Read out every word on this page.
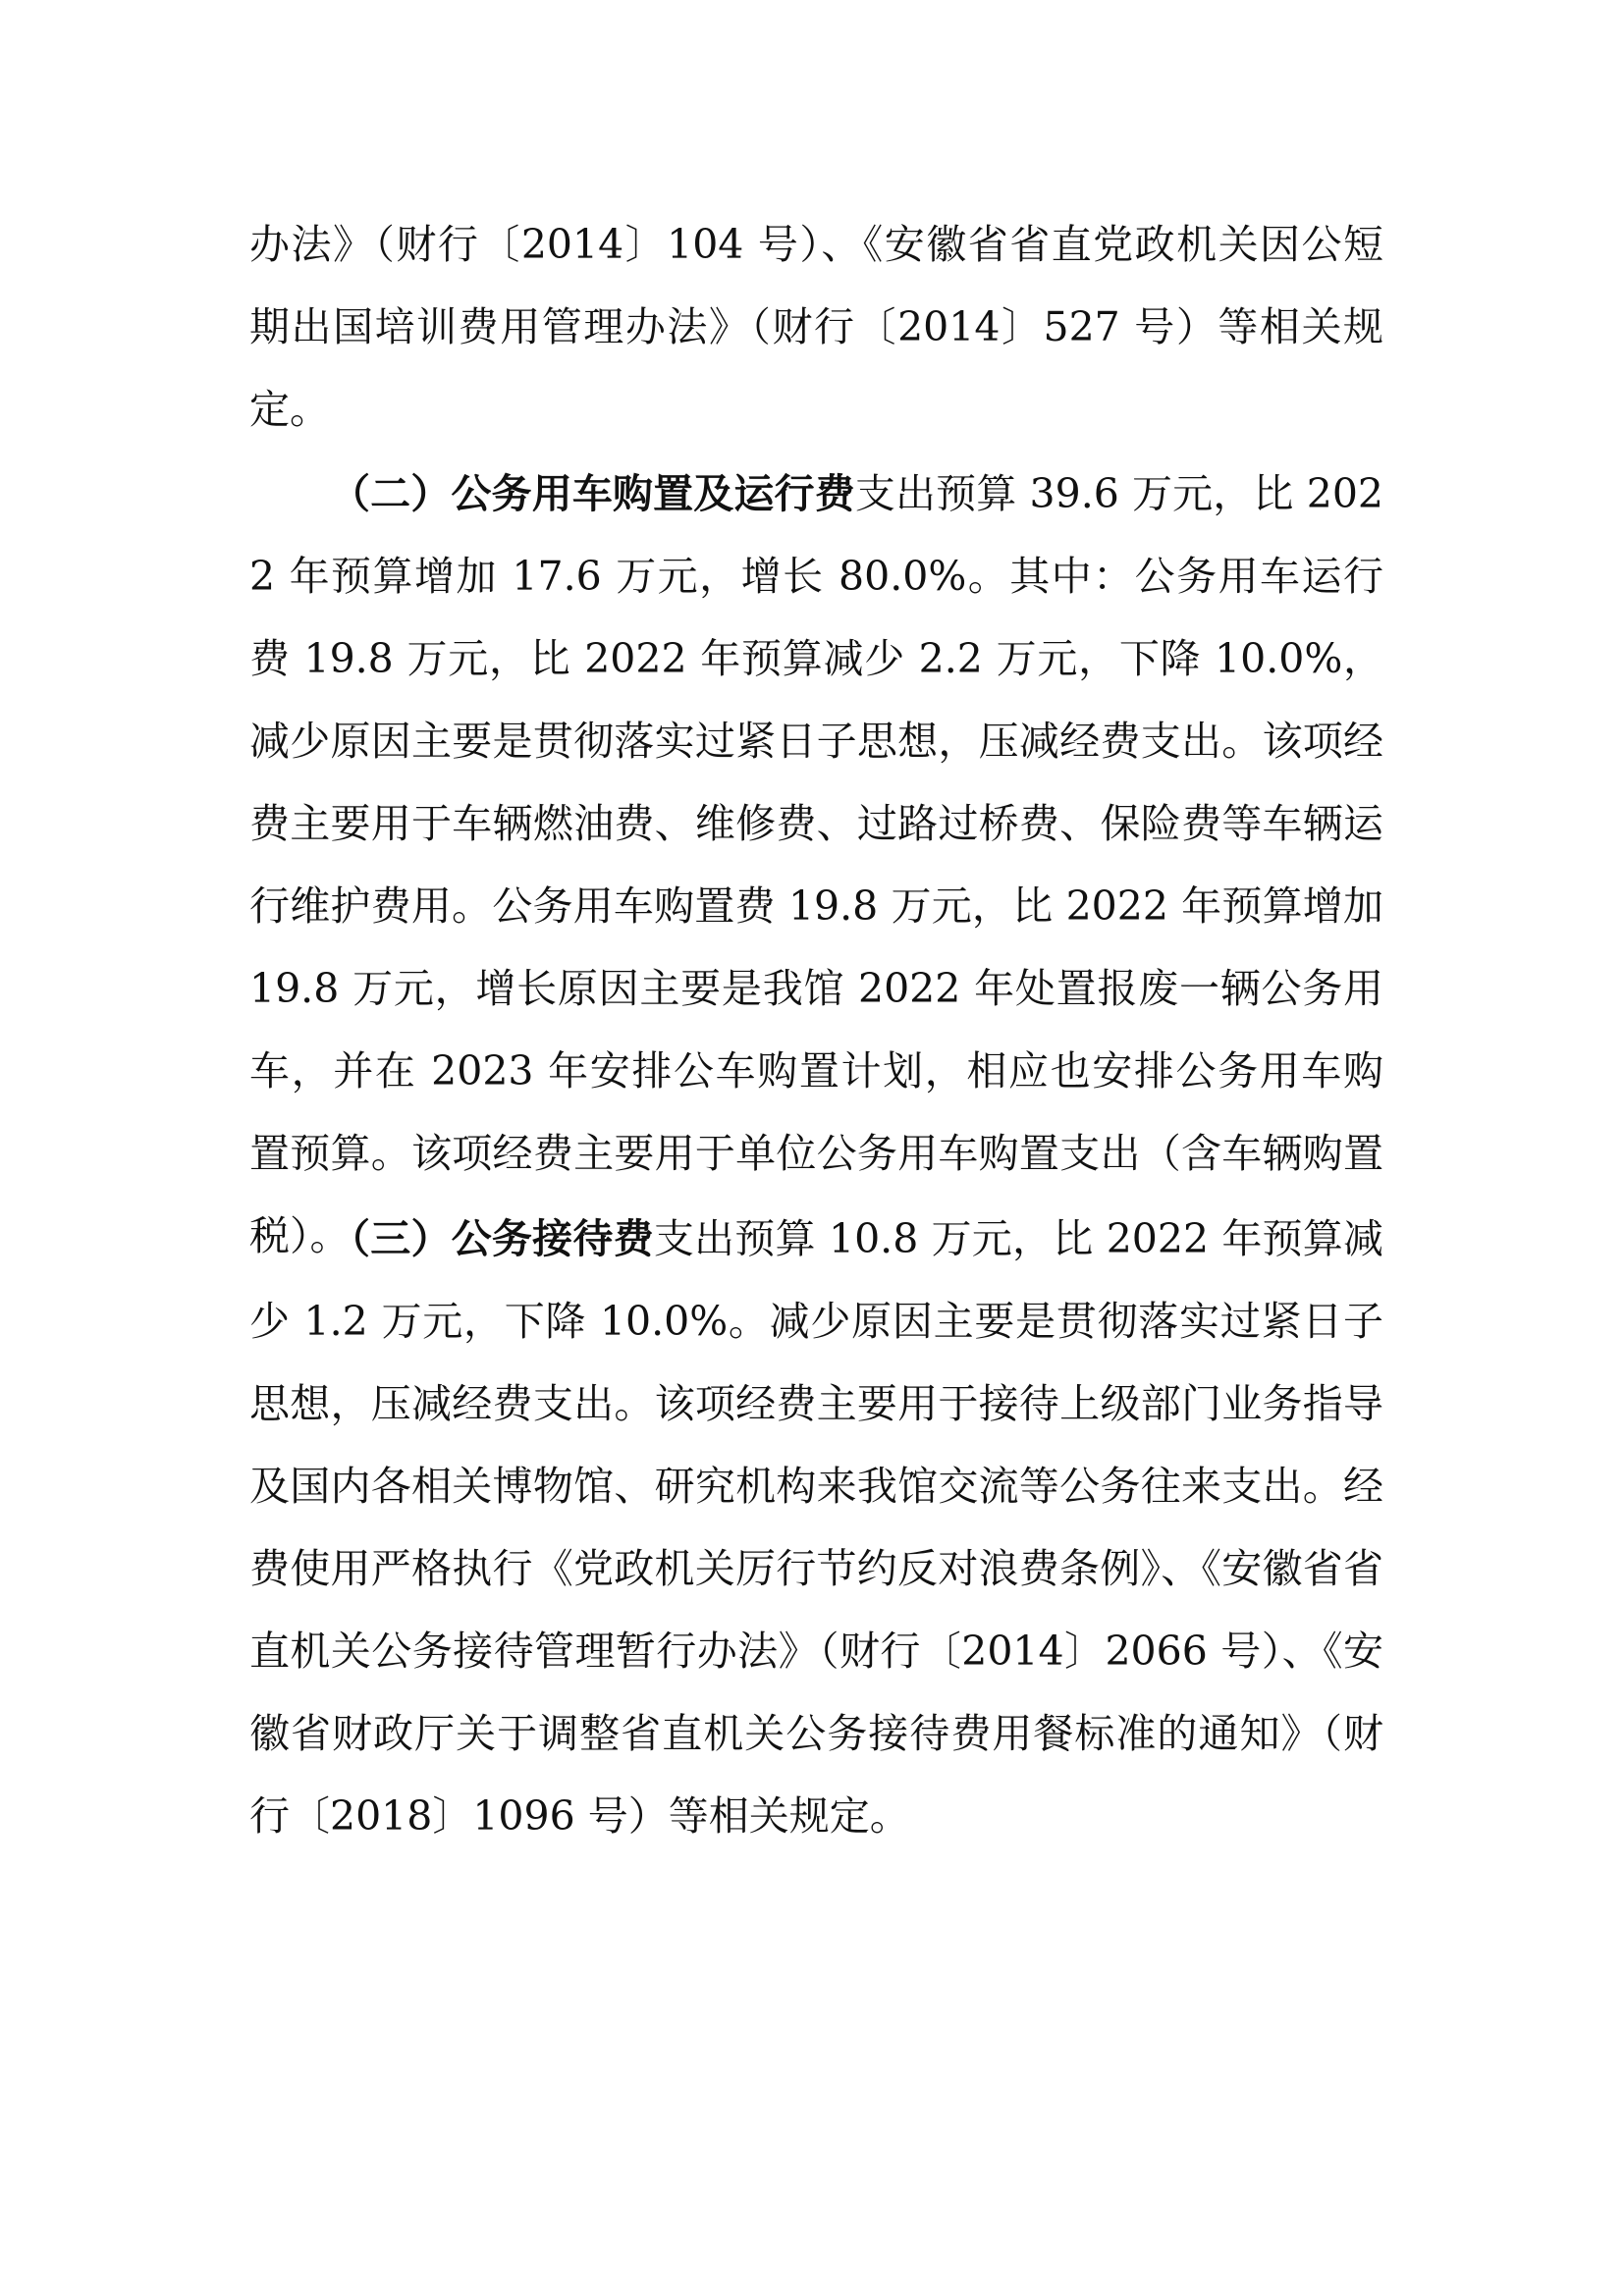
办法》（财行〔2014〕104 号）、《安徽省省直党政机关因公短期出国培训费用管理办法》（财行〔2014〕527 号）等相关规定。

（二）公务用车购置及运行费支出预算 39.6 万元，比 2022 年预算增加 17.6 万元，增长 80.0%。其中：公务用车运行费 19.8 万元，比 2022 年预算减少 2.2 万元，下降 10.0%，减少原因主要是贯彻落实过紧日子思想，压减经费支出。该项经费主要用于车辆燃油费、维修费、过路过桥费、保险费等车辆运行维护费用。公务用车购置费 19.8 万元，比 2022 年预算增加 19.8 万元，增长原因主要是我馆 2022 年处置报废一辆公务用车，并在 2023 年安排公车购置计划，相应也安排公务用车购置预算。该项经费主要用于单位公务用车购置支出（含车辆购置税）。

（三）公务接待费支出预算 10.8 万元，比 2022 年预算减少 1.2 万元，下降 10.0%。减少原因主要是贯彻落实过紧日子思想，压减经费支出。该项经费主要用于接待上级部门业务指导及国内各相关博物馆、研究机构来我馆交流等公务往来支出。经费使用严格执行《党政机关厉行节约反对浪费条例》、《安徽省省直机关公务接待管理暂行办法》（财行〔2014〕2066 号）、《安徽省财政厅关于调整省直机关公务接待费用餐标准的通知》（财行〔2018〕1096 号）等相关规定。
